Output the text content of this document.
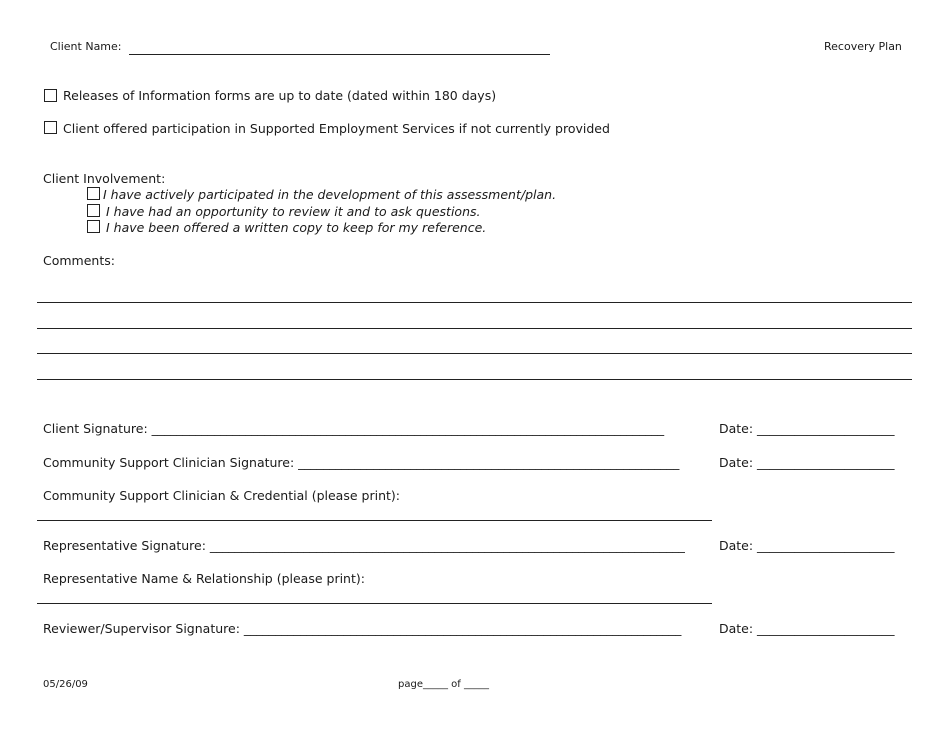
Client Name:	Recovery Plan
Releases of Information forms are up to date (dated within 180 days)
Client offered participation in Supported Employment Services if not currently provided
Client Involvement:
I have actively participated in the development of this assessment/plan.
I have had an opportunity to review it and to ask questions.
I have been offered a written copy to keep for my reference.
Comments:
Client Signature: __________________________________________________________________________________	Date: ______________________
Community Support Clinician Signature: _____________________________________________________________	Date: ______________________
Community Support Clinician & Credential (please print):
Representative Signature: ____________________________________________________________________________	Date: ______________________
Representative Name & Relationship (please print):
Reviewer/Supervisor Signature: ______________________________________________________________________	Date: ______________________
05/26/09	page_____ of _____
